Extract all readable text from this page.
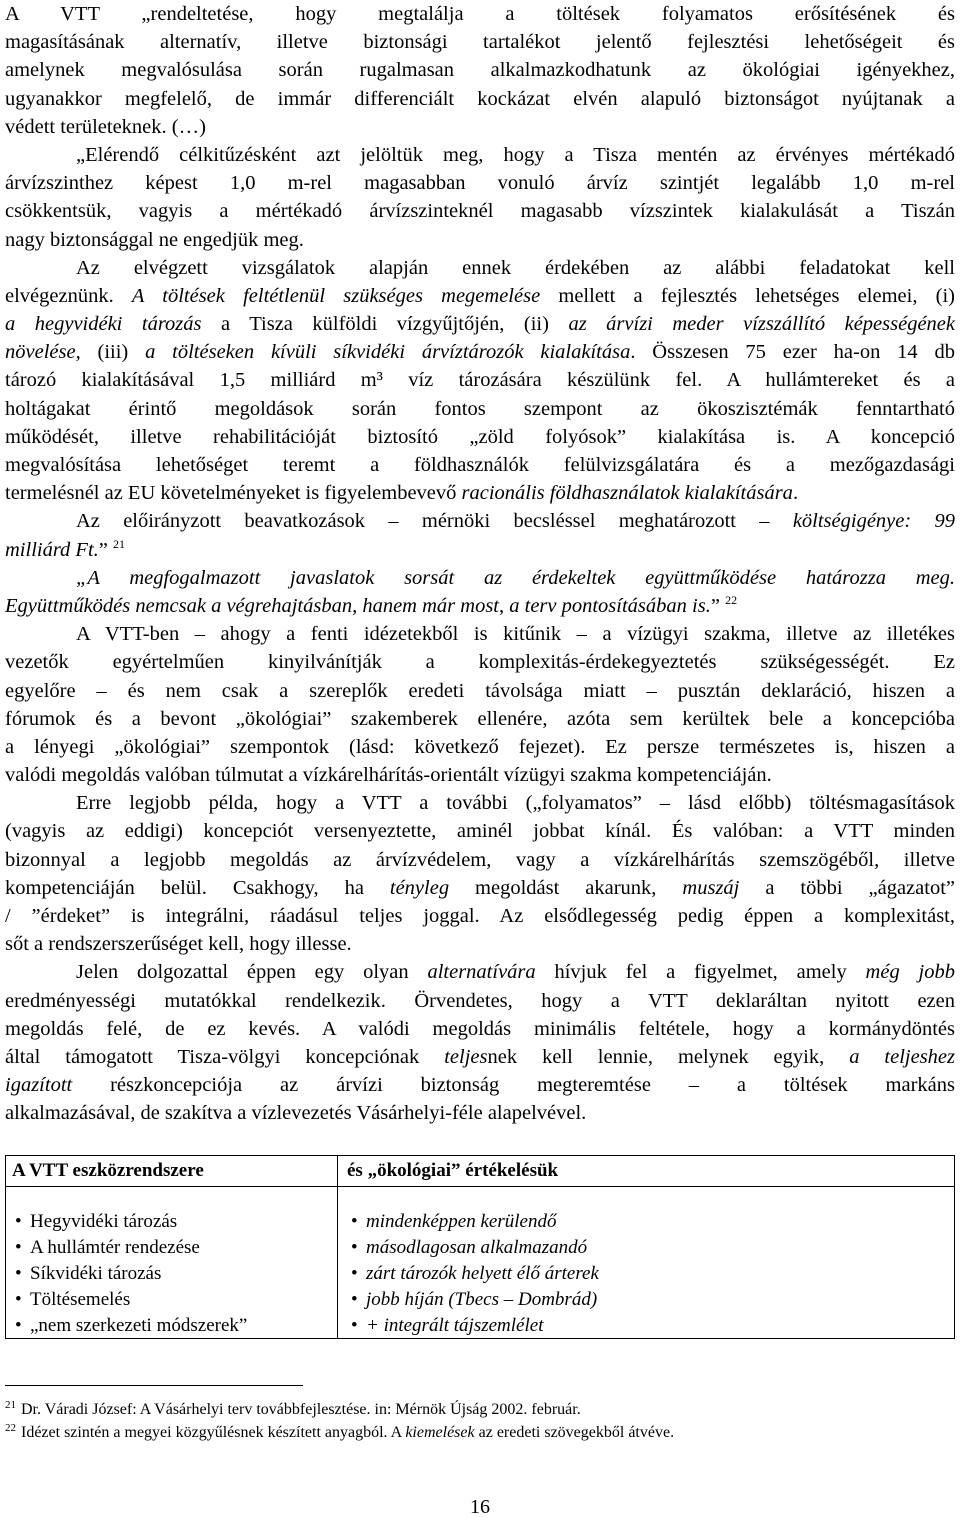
A VTT „rendeltetése, hogy megtalálja a töltések folyamatos erősítésének és
magasításának alternatív, illetve biztonsági tartalékot jelentő fejlesztési lehetőségeit és
amelynek megvalósulása során rugalmasan alkalmazkodhatunk az ökológiai igényekhez,
ugyanakkor megfelelő, de immár differenciált kockázat elvén alapuló biztonságot nyújtanak a
védett területeknek. (…)
„Elérendő célkitűzésként azt jelöltük meg, hogy a Tisza mentén az érvényes mértékadó
árvízszinthez képest 1,0 m-rel magasabban vonuló árvíz szintjét legalább 1,0 m-rel
csökkentsük, vagyis a mértékadó árvízszinteknél magasabb vízszintek kialakulását a Tiszán
nagy biztonsággal ne engedjük meg.
Az elvégzett vizsgálatok alapján ennek érdekében az alábbi feladatokat kell
elvégeznünk. A töltések feltétlenül szükséges megemelése mellett a fejlesztés lehetséges elemei, (i)
a hegyvidéki tározás a Tisza külföldi vízgyűjtőjén, (ii) az árvízi meder vízszállító képességének
növelése, (iii) a töltéseken kívüli síkvidéki árvíztározók kialakítása. Összesen 75 ezer ha-on 14 db
tározó kialakításával 1,5 milliárd m³ víz tározására készülünk fel. A hullámtereket és a
holtágakat érintő megoldások során fontos szempont az ökoszisztémák fenntartható
működését, illetve rehabilitációját biztosító „zöld folyósok” kialakítása is. A koncepció
megvalósítása lehetőséget teremt a földhasználók felülvizsgálatára és a mezőgazdasági
termelésnél az EU követelményeket is figyelembevevő racionális földhasználatok kialakítására.
Az előirányzott beavatkozások – mérnöki becsléssel meghatározott – költségigénye: 99
milliárd Ft.” $^{21}$
„A megfogalmazott javaslatok sorsát az érdekeltek együttműködése határozza meg.
Együttműködés nemcsak a végrehajtásban, hanem már most, a terv pontosításában is.” $^{22}$
A VTT-ben – ahogy a fenti idézetekből is kitűnik – a vízügyi szakma, illetve az illetékes
vezetők egyértelműen kinyilvánítják a komplexitás-érdekegyeztetés szükségességét. Ez
egyelőre – és nem csak a szereplők eredeti távolsága miatt – pusztán deklaráció, hiszen a
fórumok és a bevont „ökológiai” szakemberek ellenére, azóta sem kerültek bele a koncepcióba
a lényegi „ökológiai” szempontok (lásd: következő fejezet). Ez persze természetes is, hiszen a
valódi megoldás valóban túlmutat a vízkárelhárítás-orientált vízügyi szakma kompetenciáján.
Erre legjobb példa, hogy a VTT a további („folyamatos” – lásd előbb) töltésmagasítások
(vagyis az eddigi) koncepciót versenyeztette, aminél jobbat kínál. És valóban: a VTT minden
bizonnyal a legjobb megoldás az árvízvédelem, vagy a vízkárelhárítás szemszögéből, illetve
kompetenciáján belül. Csakhogy, ha tényleg megoldást akarunk, muszáj a többi „ágazatot”
/ ”érdeket” is integrálni, ráadásul teljes joggal. Az elsődlegesség pedig éppen a komplexitást,
sőt a rendszerszerűséget kell, hogy illesse.
Jelen dolgozattal éppen egy olyan alternatívára hívjuk fel a figyelmet, amely még jobb
eredményességi mutatókkal rendelkezik. Örvendetes, hogy a VTT deklaráltan nyitott ezen
megoldás felé, de ez kevés. A valódi megoldás minimális feltétele, hogy a kormánydöntés
által támogatott Tisza-völgyi koncepciónak teljesnek kell lennie, melynek egyik, a teljeshez
igazított részkoncepciója az árvízi biztonság megteremtése – a töltések markáns
alkalmazásával, de szakítva a vízlevezetés Vásárhelyi-féle alapelvével.
A VTT eszközrendszere	és „ökológiai” értékelésük
• Hegyvidéki tározás
• A hullámtér rendezése
• Síkvidéki tározás
• Töltésemelés
• „nem szerkezeti módszerek”
• mindenképpen kerülendő
• másodlagosan alkalmazandó
• zárt tározók helyett élő árterek
• jobb híján (Tbecs – Dombrád)
• + integrált tájszemlélet
$^{21}$ Dr. Váradi József: A Vásárhelyi terv továbbfejlesztése. in: Mérnök Újság 2002. február.
$^{22}$ Idézet szintén a megyei közgyűlésnek készített anyagból. A kiemelések az eredeti szövegekből átvéve.
16
